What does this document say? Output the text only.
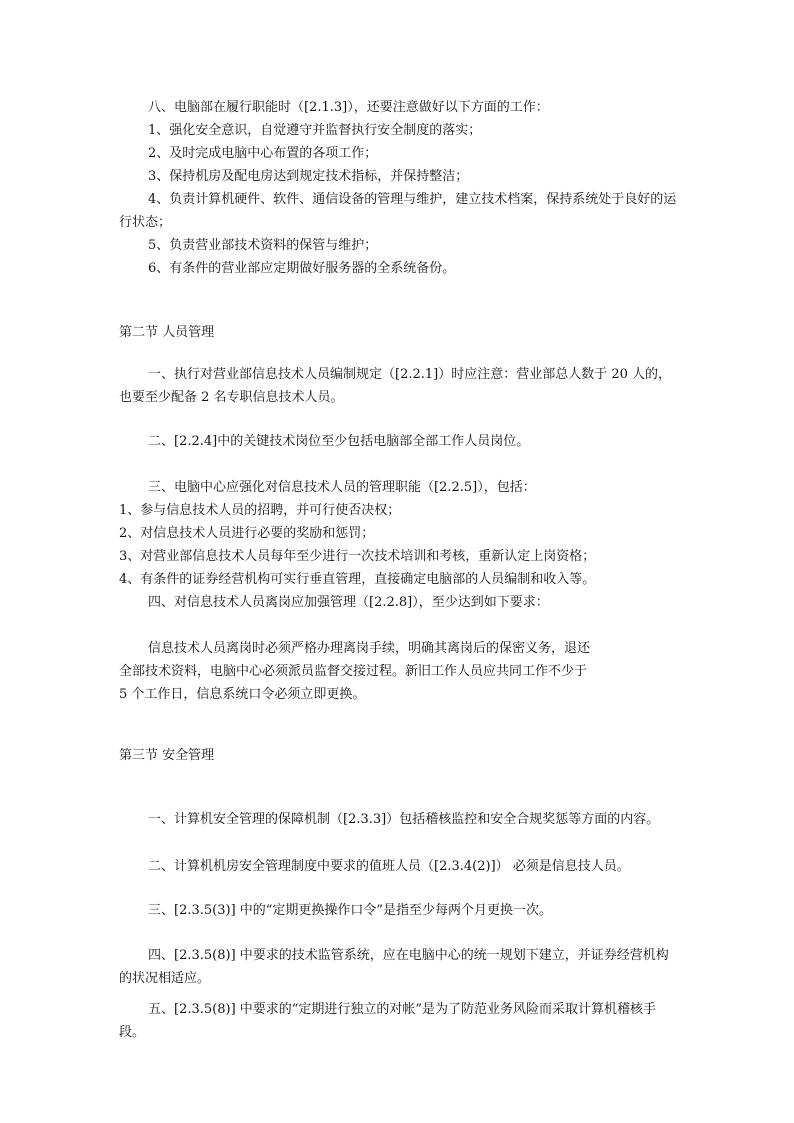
八、电脑部在履行职能时（[2.1.3]），还要注意做好以下方面的工作：
1、强化安全意识，自觉遵守并监督执行安全制度的落实；
2、及时完成电脑中心布置的各项工作；
3、保持机房及配电房达到规定技术指标，并保持整洁；
4、负责计算机硬件、软件、通信设备的管理与维护，建立技术档案，保持系统处于良好的运行状态；
5、负责营业部技术资料的保管与维护；
6、有条件的营业部应定期做好服务器的全系统备份。
第二节 人员管理
一、执行对营业部信息技术人员编制规定（[2.2.1]）时应注意：营业部总人数于 20 人的，也要至少配备 2 名专职信息技术人员。
二、[2.2.4]中的关键技术岗位至少包括电脑部全部工作人员岗位。
三、电脑中心应强化对信息技术人员的管理职能（[2.2.5]），包括：
1、参与信息技术人员的招聘，并可行使否决权；
2、对信息技术人员进行必要的奖励和惩罚；
3、对营业部信息技术人员每年至少进行一次技术培训和考核，重新认定上岗资格；
4、有条件的证券经营机构可实行垂直管理，直接确定电脑部的人员编制和收入等。
四、对信息技术人员离岗应加强管理（[2.2.8]），至少达到如下要求：
信息技术人员离岗时必须严格办理离岗手续，明确其离岗后的保密义务，退还
全部技术资料，电脑中心必须派员监督交接过程。新旧工作人员应共同工作不少于
5 个工作日，信息系统口令必须立即更换。
第三节 安全管理
一、计算机安全管理的保障机制（[2.3.3]）包括稽核监控和安全合规奖惩等方面的内容。
二、计算机机房安全管理制度中要求的值班人员（[2.3.4(2)]） 必须是信息技人员。
三、[2.3.5(3)] 中的“定期更换操作口令”是指至少每两个月更换一次。
四、[2.3.5(8)] 中要求的技术监管系统，应在电脑中心的统一规划下建立，并证券经营机构的状况相适应。
五、[2.3.5(8)] 中要求的“定期进行独立的对帐”是为了防范业务风险而采取计算机稽核手段。
